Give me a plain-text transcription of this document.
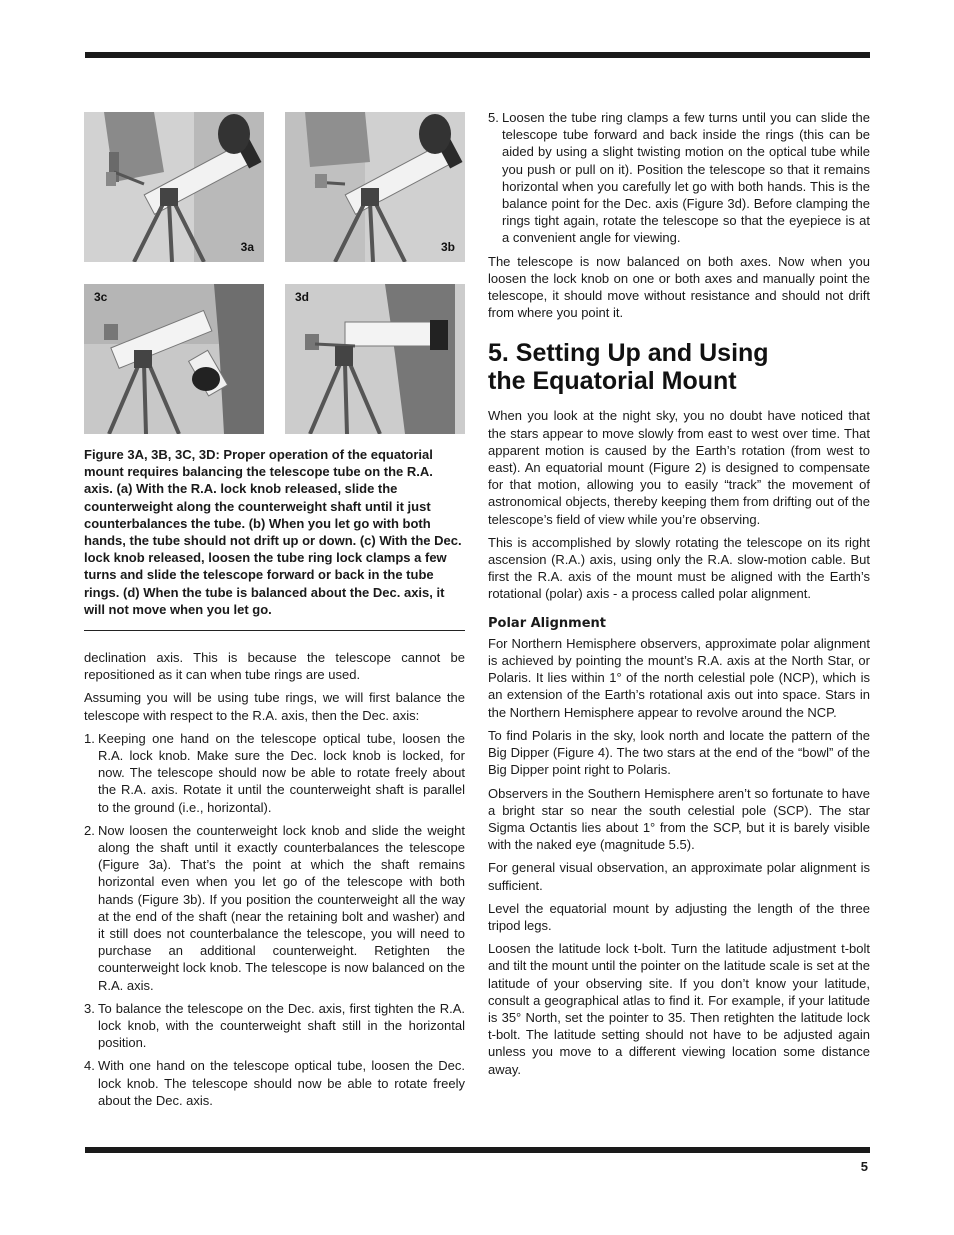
3a	3b
3c	3d

Figure 3A, 3B, 3C, 3D: Proper operation of the equatorial mount requires balancing the telescope tube on the R.A. axis. (a) With the R.A. lock knob released, slide the counterweight along the counterweight shaft until it just counterbalances the tube. (b) When you let go with both hands, the tube should not drift up or down. (c) With the Dec. lock knob released, loosen the tube ring lock clamps a few turns and slide the telescope forward or back in the tube rings. (d) When the tube is balanced about the Dec. axis, it will not move when you let go.

declination axis. This is because the telescope cannot be repositioned as it can when tube rings are used.

Assuming you will be using tube rings, we will first balance the telescope with respect to the R.A. axis, then the Dec. axis:

1. Keeping one hand on the telescope optical tube, loosen the R.A. lock knob. Make sure the Dec. lock knob is locked, for now. The telescope should now be able to rotate freely about the R.A. axis. Rotate it until the counterweight shaft is parallel to the ground (i.e., horizontal).
2. Now loosen the counterweight lock knob and slide the weight along the shaft until it exactly counterbalances the telescope (Figure 3a). That’s the point at which the shaft remains horizontal even when you let go of the telescope with both hands (Figure 3b). If you position the counterweight all the way at the end of the shaft (near the retaining bolt and washer) and it still does not counterbalance the telescope, you will need to purchase an additional counterweight. Retighten the counterweight lock knob. The telescope is now balanced on the R.A. axis.
3. To balance the telescope on the Dec. axis, first tighten the R.A. lock knob, with the counterweight shaft still in the horizontal position.
4. With one hand on the telescope optical tube, loosen the Dec. lock knob. The telescope should now be able to rotate freely about the Dec. axis.
5. Loosen the tube ring clamps a few turns until you can slide the telescope tube forward and back inside the rings (this can be aided by using a slight twisting motion on the optical tube while you push or pull on it). Position the telescope so that it remains horizontal when you carefully let go with both hands. This is the balance point for the Dec. axis (Figure 3d). Before clamping the rings tight again, rotate the telescope so that the eyepiece is at a convenient angle for viewing.

The telescope is now balanced on both axes. Now when you loosen the lock knob on one or both axes and manually point the telescope, it should move without resistance and should not drift from where you point it.

5. Setting Up and Using
the Equatorial Mount

When you look at the night sky, you no doubt have noticed that the stars appear to move slowly from east to west over time. That apparent motion is caused by the Earth’s rotation (from west to east). An equatorial mount (Figure 2) is designed to compensate for that motion, allowing you to easily “track” the movement of astronomical objects, thereby keeping them from drifting out of the telescope’s field of view while you’re observing.

This is accomplished by slowly rotating the telescope on its right ascension (R.A.) axis, using only the R.A. slow-motion cable. But first the R.A. axis of the mount must be aligned with the Earth’s rotational (polar) axis - a process called polar alignment.

Polar Alignment

For Northern Hemisphere observers, approximate polar alignment is achieved by pointing the mount’s R.A. axis at the North Star, or Polaris. It lies within 1° of the north celestial pole (NCP), which is an extension of the Earth’s rotational axis out into space. Stars in the Northern Hemisphere appear to revolve around the NCP.

To find Polaris in the sky, look north and locate the pattern of the Big Dipper (Figure 4). The two stars at the end of the “bowl” of the Big Dipper point right to Polaris.

Observers in the Southern Hemisphere aren’t so fortunate to have a bright star so near the south celestial pole (SCP). The star Sigma Octantis lies about 1° from the SCP, but it is barely visible with the naked eye (magnitude 5.5).

For general visual observation, an approximate polar alignment is sufficient.

Level the equatorial mount by adjusting the length of the three tripod legs.

Loosen the latitude lock t-bolt. Turn the latitude adjustment t-bolt and tilt the mount until the pointer on the latitude scale is set at the latitude of your observing site. If you don’t know your latitude, consult a geographical atlas to find it. For example, if your latitude is 35° North, set the pointer to 35. Then retighten the latitude lock t-bolt. The latitude setting should not have to be adjusted again unless you move to a different viewing location some distance away.

5
